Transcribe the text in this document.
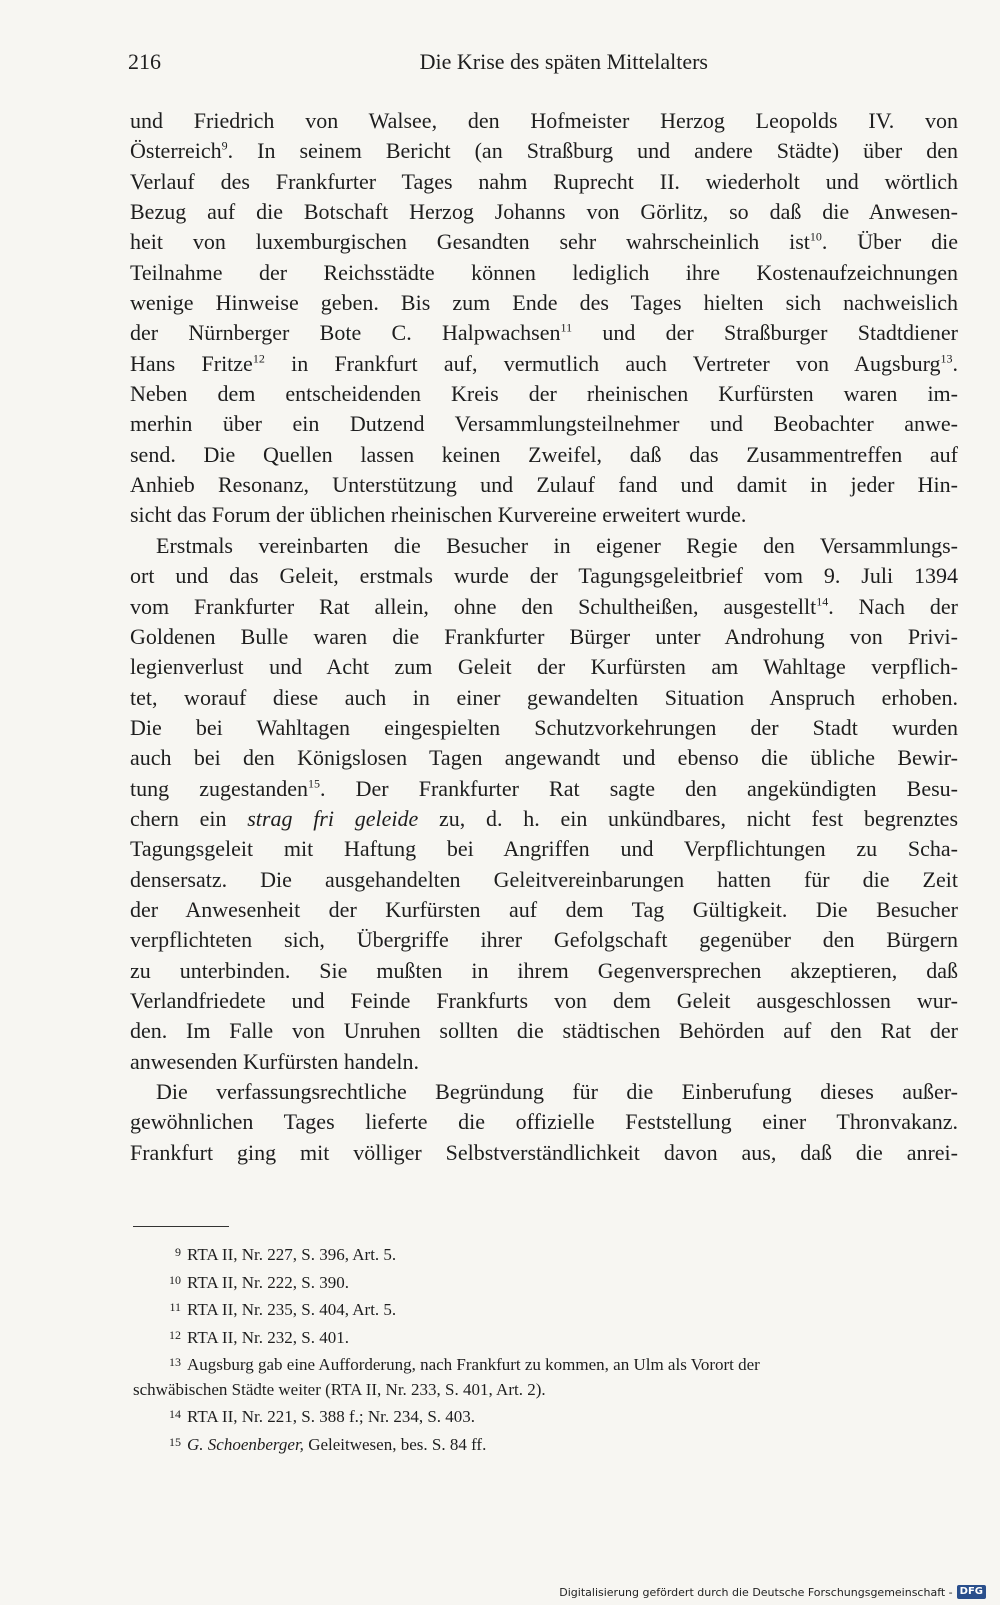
216	Die Krise des späten Mittelalters
und Friedrich von Walsee, den Hofmeister Herzog Leopolds IV. von
Österreich$^9$. In seinem Bericht (an Straßburg und andere Städte) über den
Verlauf des Frankfurter Tages nahm Ruprecht II. wiederholt und wörtlich
Bezug auf die Botschaft Herzog Johanns von Görlitz, so daß die Anwesen-
heit von luxemburgischen Gesandten sehr wahrscheinlich ist$^{10}$. Über die
Teilnahme der Reichsstädte können lediglich ihre Kostenaufzeichnungen
wenige Hinweise geben. Bis zum Ende des Tages hielten sich nachweislich
der Nürnberger Bote C. Halpwachsen$^{11}$ und der Straßburger Stadtdiener
Hans Fritze$^{12}$ in Frankfurt auf, vermutlich auch Vertreter von Augsburg$^{13}$.
Neben dem entscheidenden Kreis der rheinischen Kurfürsten waren im-
merhin über ein Dutzend Versammlungsteilnehmer und Beobachter anwe-
send. Die Quellen lassen keinen Zweifel, daß das Zusammentreffen auf
Anhieb Resonanz, Unterstützung und Zulauf fand und damit in jeder Hin-
sicht das Forum der üblichen rheinischen Kurvereine erweitert wurde.
Erstmals vereinbarten die Besucher in eigener Regie den Versammlungs-
ort und das Geleit, erstmals wurde der Tagungsgeleitbrief vom 9. Juli 1394
vom Frankfurter Rat allein, ohne den Schultheißen, ausgestellt$^{14}$. Nach der
Goldenen Bulle waren die Frankfurter Bürger unter Androhung von Privi-
legienverlust und Acht zum Geleit der Kurfürsten am Wahltage verpflich-
tet, worauf diese auch in einer gewandelten Situation Anspruch erhoben.
Die bei Wahltagen eingespielten Schutzvorkehrungen der Stadt wurden
auch bei den Königslosen Tagen angewandt und ebenso die übliche Bewir-
tung zugestanden$^{15}$. Der Frankfurter Rat sagte den angekündigten Besu-
chern ein strag fri geleide zu, d. h. ein unkündbares, nicht fest begrenztes
Tagungsgeleit mit Haftung bei Angriffen und Verpflichtungen zu Scha-
densersatz. Die ausgehandelten Geleitvereinbarungen hatten für die Zeit
der Anwesenheit der Kurfürsten auf dem Tag Gültigkeit. Die Besucher
verpflichteten sich, Übergriffe ihrer Gefolgschaft gegenüber den Bürgern
zu unterbinden. Sie mußten in ihrem Gegenversprechen akzeptieren, daß
Verlandfriedete und Feinde Frankfurts von dem Geleit ausgeschlossen wur-
den. Im Falle von Unruhen sollten die städtischen Behörden auf den Rat der
anwesenden Kurfürsten handeln.
Die verfassungsrechtliche Begründung für die Einberufung dieses außer-
gewöhnlichen Tages lieferte die offizielle Feststellung einer Thronvakanz.
Frankfurt ging mit völliger Selbstverständlichkeit davon aus, daß die anrei-
9 RTA II, Nr. 227, S. 396, Art. 5.
10 RTA II, Nr. 222, S. 390.
11 RTA II, Nr. 235, S. 404, Art. 5.
12 RTA II, Nr. 232, S. 401.
13 Augsburg gab eine Aufforderung, nach Frankfurt zu kommen, an Ulm als Vorort der
schwäbischen Städte weiter (RTA II, Nr. 233, S. 401, Art. 2).
14 RTA II, Nr. 221, S. 388 f.; Nr. 234, S. 403.
15 G. Schoenberger, Geleitwesen, bes. S. 84 ff.
Digitalisierung gefördert durch die Deutsche Forschungsgemeinschaft - DFG
